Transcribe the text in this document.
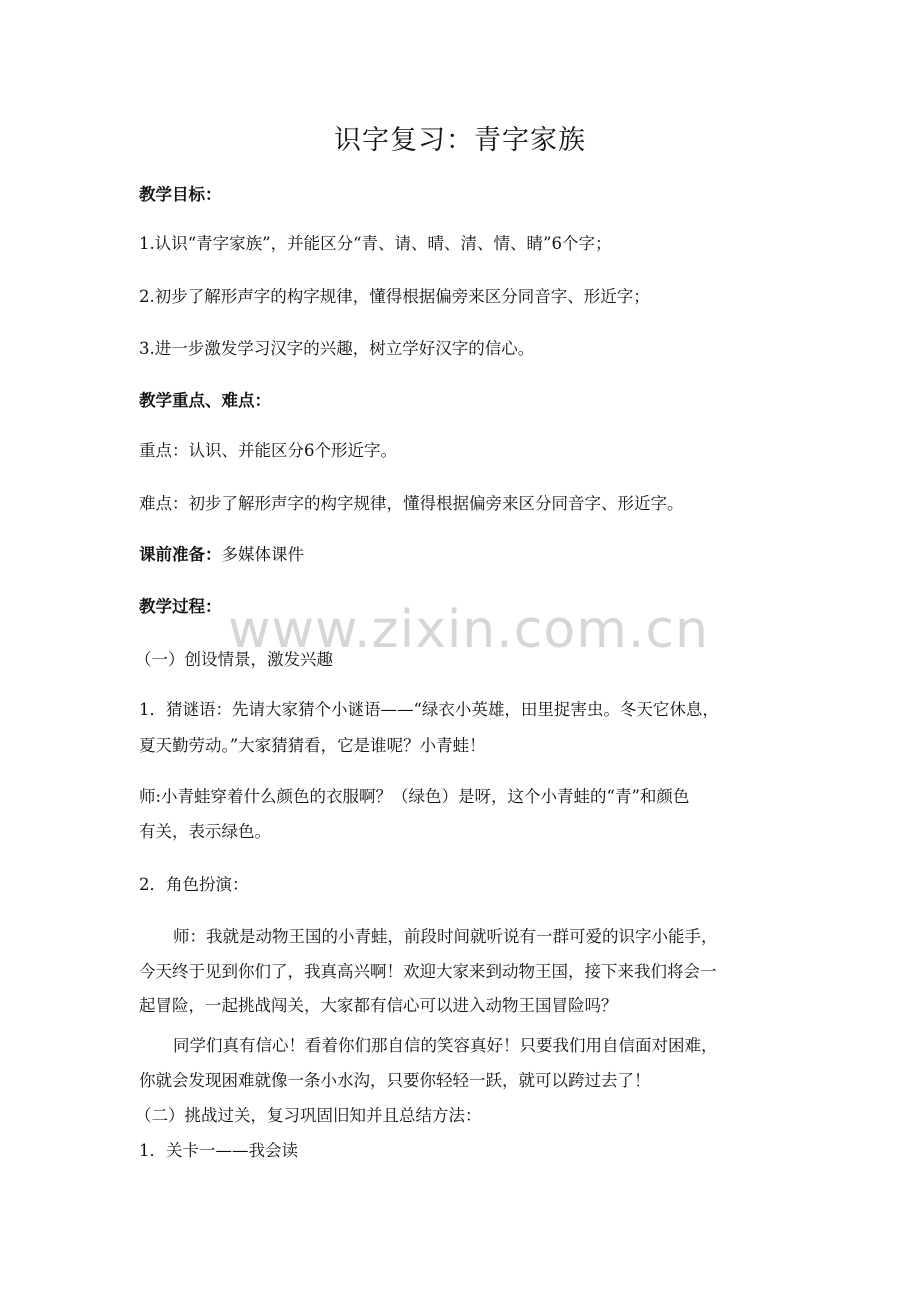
识字复习：青字家族
教学目标：
1.认识“青字家族”，并能区分“青、请、晴、清、情、睛”6个字；
2.初步了解形声字的构字规律，懂得根据偏旁来区分同音字、形近字；
3.进一步激发学习汉字的兴趣，树立学好汉字的信心。
教学重点、难点：
重点：认识、并能区分6个形近字。
难点：初步了解形声字的构字规律，懂得根据偏旁来区分同音字、形近字。
课前准备：多媒体课件
教学过程： www.zixin.com.cn
（一）创设情景，激发兴趣
1．猜谜语：先请大家猜个小谜语——“绿衣小英雄，田里捉害虫。冬天它休息，
夏天勤劳动。”大家猜猜看，它是谁呢？小青蛙！
师:小青蛙穿着什么颜色的衣服啊？（绿色）是呀，这个小青蛙的“青”和颜色
有关，表示绿色。
2．角色扮演：
师：我就是动物王国的小青蛙，前段时间就听说有一群可爱的识字小能手，
今天终于见到你们了，我真高兴啊！欢迎大家来到动物王国，接下来我们将会一
起冒险，一起挑战闯关，大家都有信心可以进入动物王国冒险吗？
同学们真有信心！看着你们那自信的笑容真好！只要我们用自信面对困难，
你就会发现困难就像一条小水沟，只要你轻轻一跃，就可以跨过去了！
（二）挑战过关，复习巩固旧知并且总结方法：
1．关卡一——我会读
